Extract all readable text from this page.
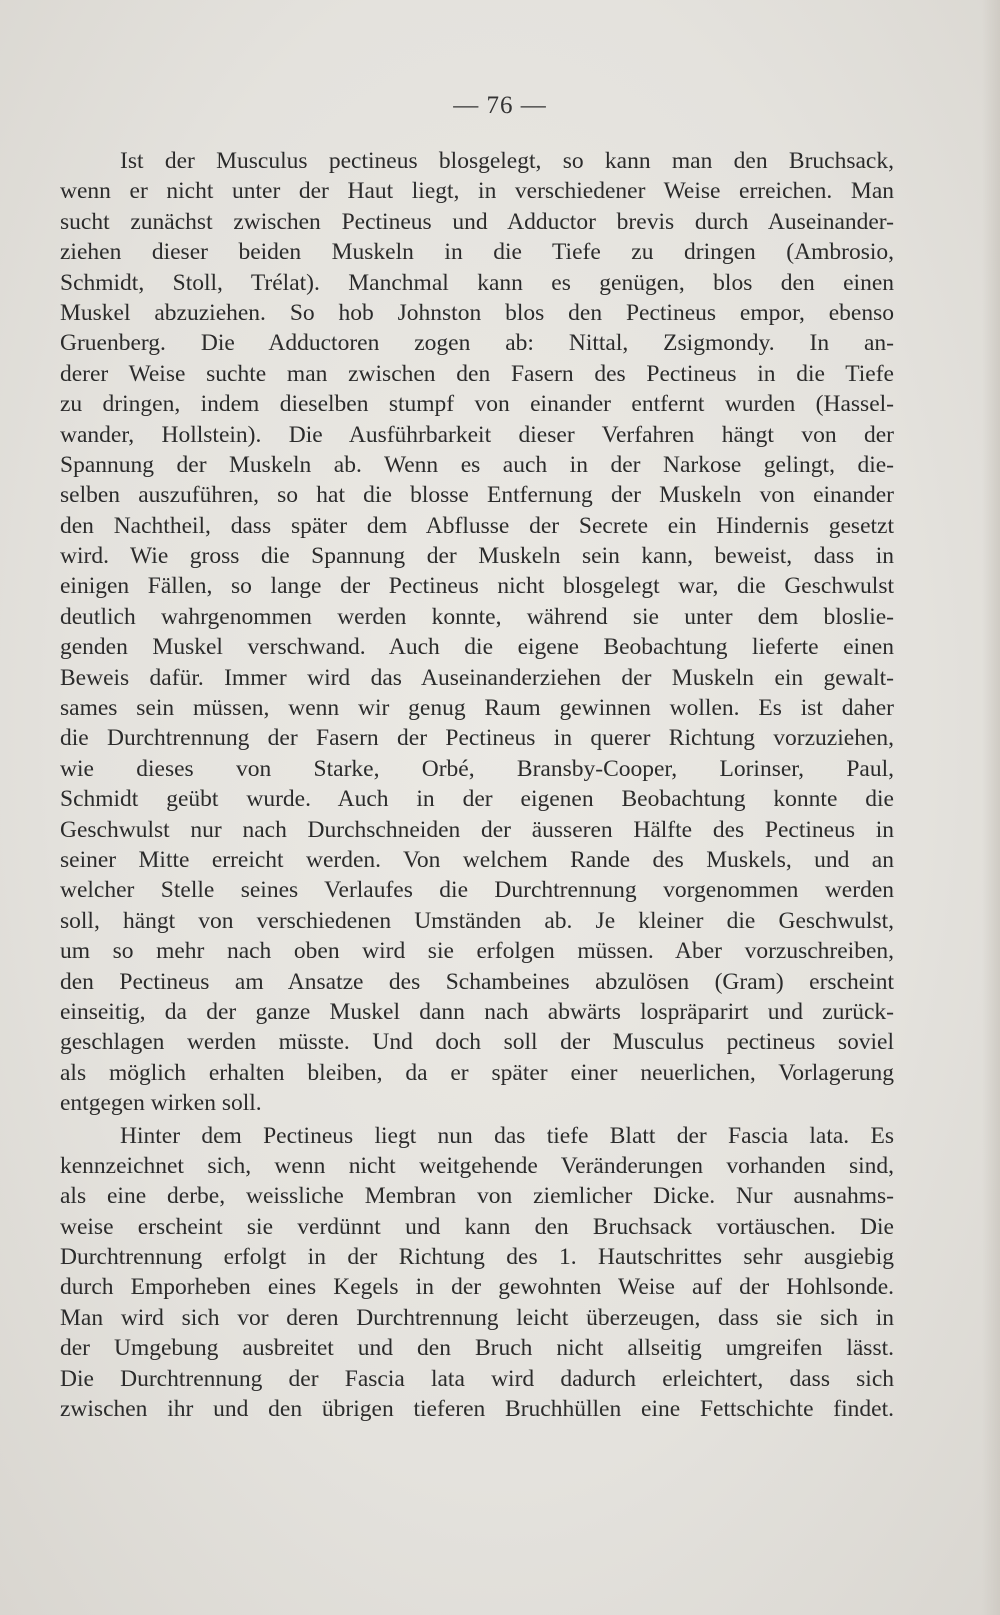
— 76 —
Ist der Musculus pectineus blosgelegt, so kann man den Bruchsack,
wenn er nicht unter der Haut liegt, in verschiedener Weise erreichen. Man
sucht zunächst zwischen Pectineus und Adductor brevis durch Auseinander-
ziehen dieser beiden Muskeln in die Tiefe zu dringen (Ambrosio,
Schmidt, Stoll, Trélat). Manchmal kann es genügen, blos den einen
Muskel abzuziehen. So hob Johnston blos den Pectineus empor, ebenso
Gruenberg. Die Adductoren zogen ab: Nittal, Zsigmondy. In an-
derer Weise suchte man zwischen den Fasern des Pectineus in die Tiefe
zu dringen, indem dieselben stumpf von einander entfernt wurden (Hassel-
wander, Hollstein). Die Ausführbarkeit dieser Verfahren hängt von der
Spannung der Muskeln ab. Wenn es auch in der Narkose gelingt, die-
selben auszuführen, so hat die blosse Entfernung der Muskeln von einander
den Nachtheil, dass später dem Abflusse der Secrete ein Hindernis gesetzt
wird. Wie gross die Spannung der Muskeln sein kann, beweist, dass in
einigen Fällen, so lange der Pectineus nicht blosgelegt war, die Geschwulst
deutlich wahrgenommen werden konnte, während sie unter dem bloslie-
genden Muskel verschwand. Auch die eigene Beobachtung lieferte einen
Beweis dafür. Immer wird das Auseinanderziehen der Muskeln ein gewalt-
sames sein müssen, wenn wir genug Raum gewinnen wollen. Es ist daher
die Durchtrennung der Fasern der Pectineus in querer Richtung vorzuziehen,
wie dieses von Starke, Orbé, Bransby-Cooper, Lorinser, Paul,
Schmidt geübt wurde. Auch in der eigenen Beobachtung konnte die
Geschwulst nur nach Durchschneiden der äusseren Hälfte des Pectineus in
seiner Mitte erreicht werden. Von welchem Rande des Muskels, und an
welcher Stelle seines Verlaufes die Durchtrennung vorgenommen werden
soll, hängt von verschiedenen Umständen ab. Je kleiner die Geschwulst,
um so mehr nach oben wird sie erfolgen müssen. Aber vorzuschreiben,
den Pectineus am Ansatze des Schambeines abzulösen (Gram) erscheint
einseitig, da der ganze Muskel dann nach abwärts lospräparirt und zurück-
geschlagen werden müsste. Und doch soll der Musculus pectineus soviel
als möglich erhalten bleiben, da er später einer neuerlichen, Vorlagerung
entgegen wirken soll.
Hinter dem Pectineus liegt nun das tiefe Blatt der Fascia lata. Es
kennzeichnet sich, wenn nicht weitgehende Veränderungen vorhanden sind,
als eine derbe, weissliche Membran von ziemlicher Dicke. Nur ausnahms-
weise erscheint sie verdünnt und kann den Bruchsack vortäuschen. Die
Durchtrennung erfolgt in der Richtung des 1. Hautschrittes sehr ausgiebig
durch Emporheben eines Kegels in der gewohnten Weise auf der Hohlsonde.
Man wird sich vor deren Durchtrennung leicht überzeugen, dass sie sich in
der Umgebung ausbreitet und den Bruch nicht allseitig umgreifen lässt.
Die Durchtrennung der Fascia lata wird dadurch erleichtert, dass sich
zwischen ihr und den übrigen tieferen Bruchhüllen eine Fettschichte findet.
